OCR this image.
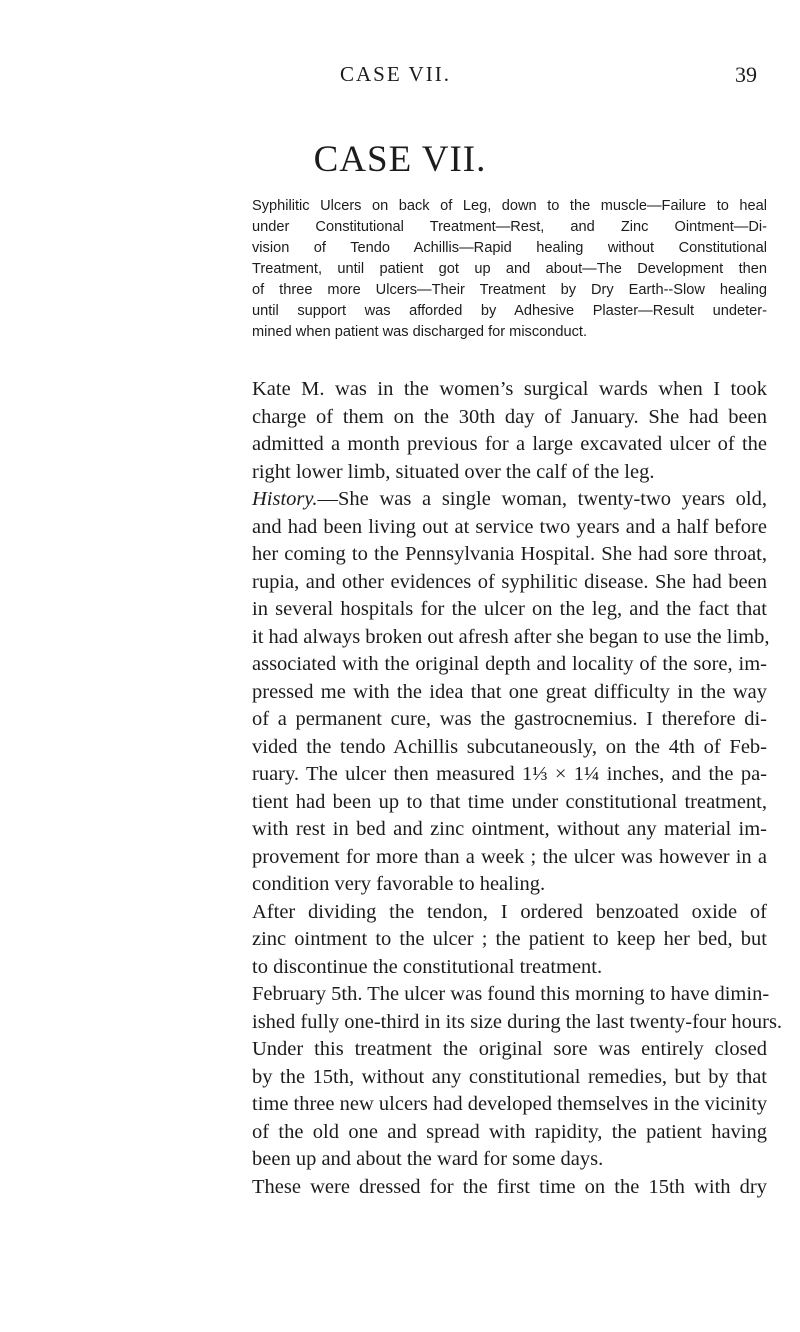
CASE VII.	39
CASE VII.
Syphilitic Ulcers on back of Leg, down to the muscle—Failure to heal
under Constitutional Treatment—Rest, and Zinc Ointment—Di-
vision of Tendo Achillis—Rapid healing without Constitutional
Treatment, until patient got up and about—The Development then
of three more Ulcers—Their Treatment by Dry Earth--Slow healing
until support was afforded by Adhesive Plaster—Result undeter-
mined when patient was discharged for misconduct.
Kate M. was in the women’s surgical wards when I took
charge of them on the 30th day of January. She had been
admitted a month previous for a large excavated ulcer of the
right lower limb, situated over the calf of the leg.
History.—She was a single woman, twenty-two years old,
and had been living out at service two years and a half before
her coming to the Pennsylvania Hospital. She had sore throat,
rupia, and other evidences of syphilitic disease. She had been
in several hospitals for the ulcer on the leg, and the fact that
it had always broken out afresh after she began to use the limb,
associated with the original depth and locality of the sore, im-
pressed me with the idea that one great difficulty in the way
of a permanent cure, was the gastrocnemius. I therefore di-
vided the tendo Achillis subcutaneously, on the 4th of Feb-
ruary. The ulcer then measured 1⅓ × 1¼ inches, and the pa-
tient had been up to that time under constitutional treatment,
with rest in bed and zinc ointment, without any material im-
provement for more than a week ; the ulcer was however in a
condition very favorable to healing.
After dividing the tendon, I ordered benzoated oxide of
zinc ointment to the ulcer ; the patient to keep her bed, but
to discontinue the constitutional treatment.
February 5th. The ulcer was found this morning to have dimin-
ished fully one-third in its size during the last twenty-four hours.
Under this treatment the original sore was entirely closed
by the 15th, without any constitutional remedies, but by that
time three new ulcers had developed themselves in the vicinity
of the old one and spread with rapidity, the patient having
been up and about the ward for some days.
These were dressed for the first time on the 15th with dry
